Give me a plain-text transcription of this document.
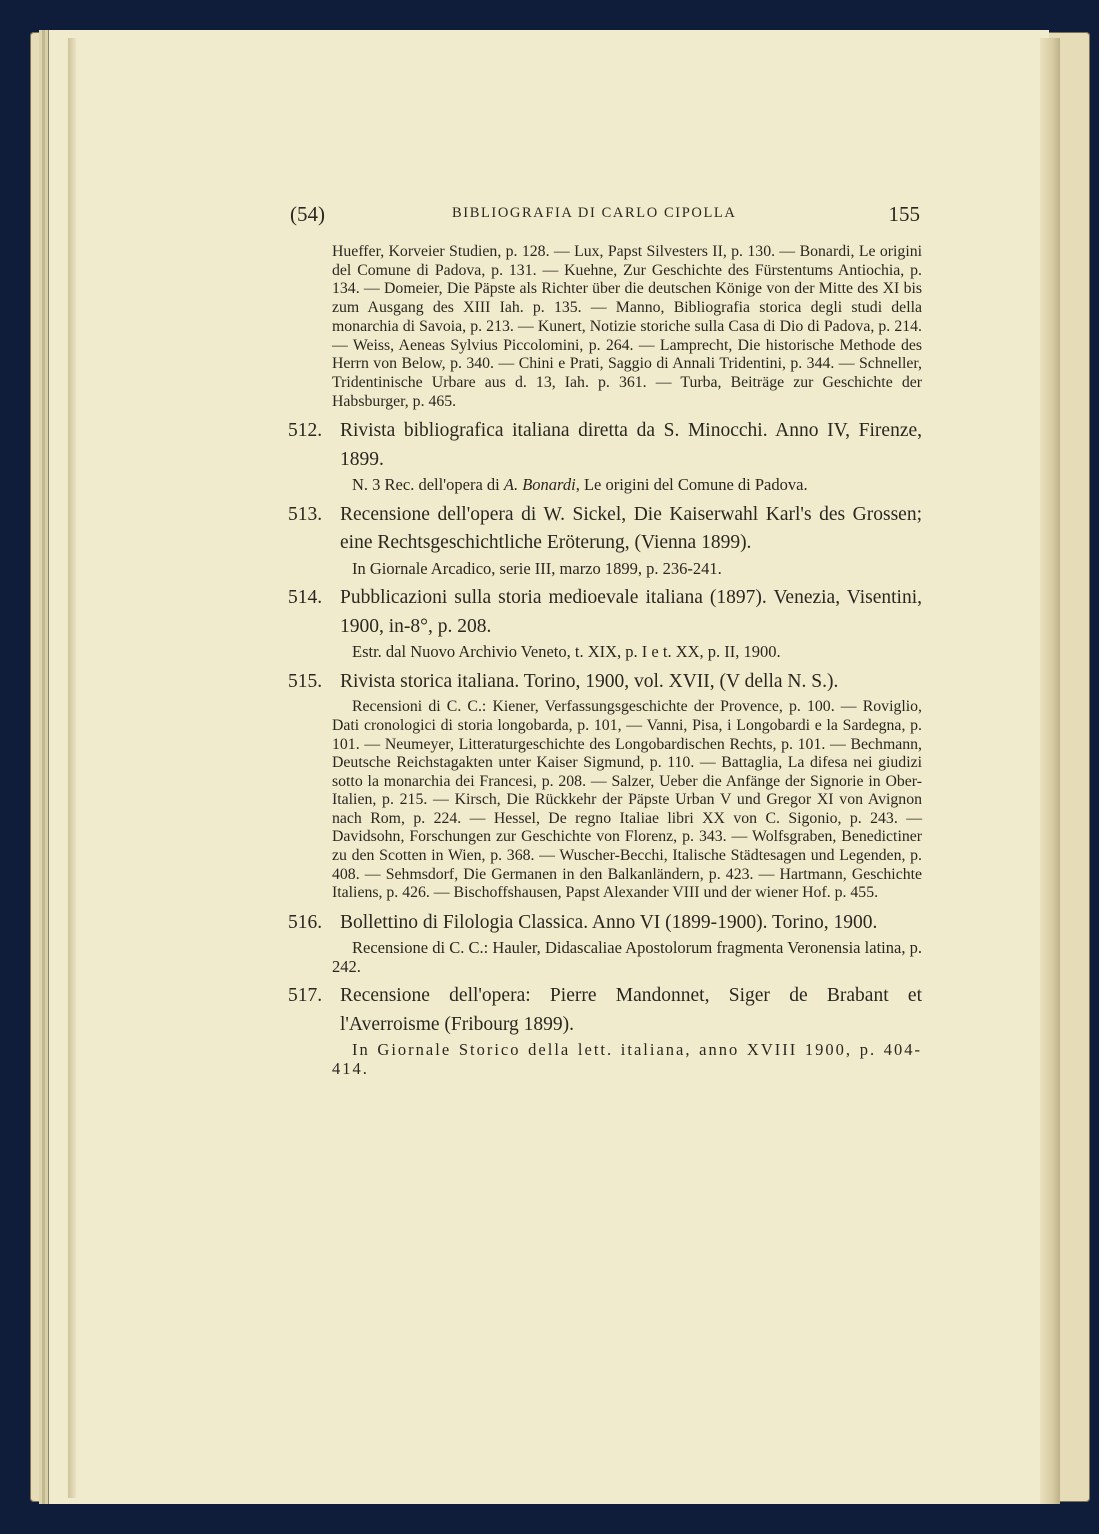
(54)	BIBLIOGRAFIA DI CARLO CIPOLLA	155

Hueffer, Korveier Studien, p. 128. — Lux, Papst Silvesters II, p. 130. — Bonardi, Le origini del Comune di Padova, p. 131. — Kuehne, Zur Geschichte des Fürstentums Antiochia, p. 134. — Domeier, Die Päpste als Richter über die deutschen Könige von der Mitte des XI bis zum Ausgang des XIII Iah. p. 135. — Manno, Bibliografia storica degli studi della monarchia di Savoia, p. 213. — Kunert, Notizie storiche sulla Casa di Dio di Padova, p. 214. — Weiss, Aeneas Sylvius Piccolomini, p. 264. — Lamprecht, Die historische Methode des Herrn von Below, p. 340. — Chini e Prati, Saggio di Annali Tridentini, p. 344. — Schneller, Tridentinische Urbare aus d. 13, Iah. p. 361. — Turba, Beiträge zur Geschichte der Habsburger, p. 465.

512. Rivista bibliografica italiana diretta da S. Minocchi. Anno IV, Firenze, 1899.

N. 3 Rec. dell'opera di A. Bonardi, Le origini del Comune di Padova.

513. Recensione dell'opera di W. Sickel, Die Kaiserwahl Karl's des Grossen; eine Rechtsgeschichtliche Eröterung, (Vienna 1899).

In Giornale Arcadico, serie III, marzo 1899, p. 236-241.

514. Pubblicazioni sulla storia medioevale italiana (1897). Venezia, Visentini, 1900, in-8°, p. 208.

Estr. dal Nuovo Archivio Veneto, t. XIX, p. I e t. XX, p. II, 1900.

515. Rivista storica italiana. Torino, 1900, vol. XVII, (V della N. S.).

Recensioni di C. C.: Kiener, Verfassungsgeschichte der Provence, p. 100. — Roviglio, Dati cronologici di storia longobarda, p. 101, — Vanni, Pisa, i Longobardi e la Sardegna, p. 101. — Neumeyer, Litteraturgeschichte des Longobardischen Rechts, p. 101. — Bechmann, Deutsche Reichstagakten unter Kaiser Sigmund, p. 110. — Battaglia, La difesa nei giudizi sotto la monarchia dei Francesi, p. 208. — Salzer, Ueber die Anfänge der Signorie in Ober-Italien, p. 215. — Kirsch, Die Rückkehr der Päpste Urban V und Gregor XI von Avignon nach Rom, p. 224. — Hessel, De regno Italiae libri XX von C. Sigonio, p. 243. — Davidsohn, Forschungen zur Geschichte von Florenz, p. 343. — Wolfsgraben, Benedictiner zu den Scotten in Wien, p. 368. — Wuscher-Becchi, Italische Städtesagen und Legenden, p. 408. — Sehmsdorf, Die Germanen in den Balkanländern, p. 423. — Hartmann, Geschichte Italiens, p. 426. — Bischoffshausen, Papst Alexander VIII und der wiener Hof. p. 455.

516. Bollettino di Filologia Classica. Anno VI (1899-1900). Torino, 1900.

Recensione di C. C.: Hauler, Didascaliae Apostolorum fragmenta Veronensia latina, p. 242.

517. Recensione dell'opera: Pierre Mandonnet, Siger de Brabant et l'Averroisme (Fribourg 1899).

In Giornale Storico della lett. italiana, anno XVIII 1900, p. 404-414.
